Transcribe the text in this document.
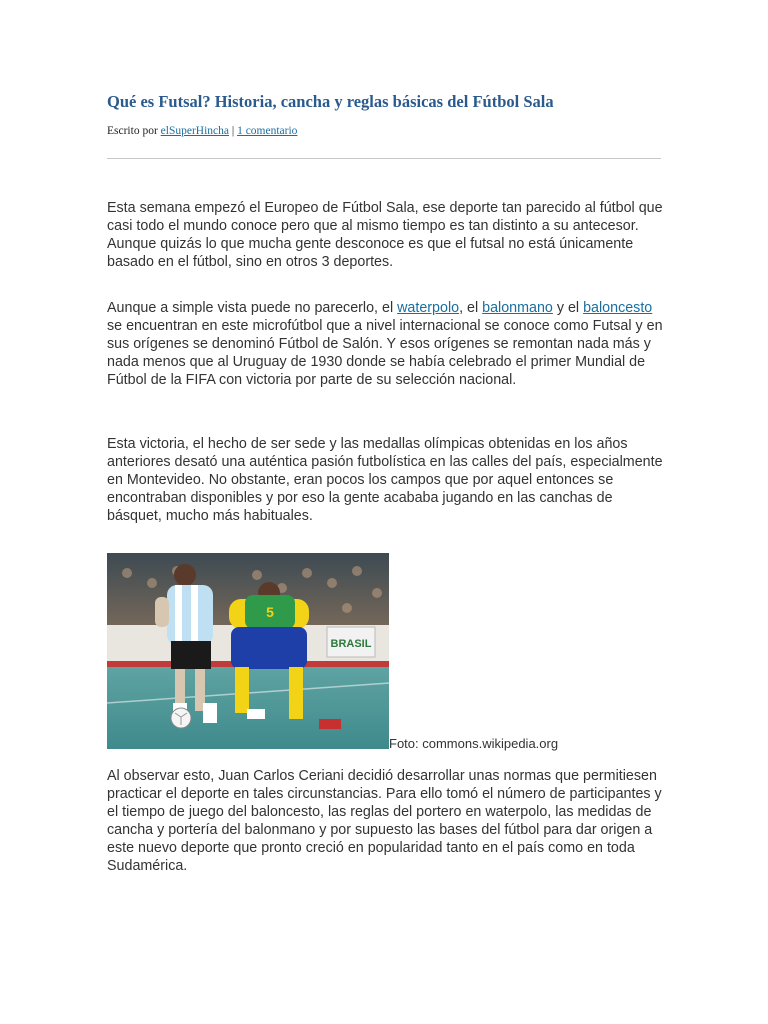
Qué es Futsal? Historia, cancha y reglas básicas del Fútbol Sala
Escrito por elSuperHincha | 1 comentario

Esta semana empezó el Europeo de Fútbol Sala, ese deporte tan parecido al fútbol que casi todo el mundo conoce pero que al mismo tiempo es tan distinto a su antecesor. Aunque quizás lo que mucha gente desconoce es que el futsal no está únicamente basado en el fútbol, sino en otros 3 deportes.

Aunque a simple vista puede no parecerlo, el waterpolo, el balonmano y el baloncesto se encuentran en este microfútbol que a nivel internacional se conoce como Futsal y en sus orígenes se denominó Fútbol de Salón. Y esos orígenes se remontan nada más y nada menos que al Uruguay de 1930 donde se había celebrado el primer Mundial de Fútbol de la FIFA con victoria por parte de su selección nacional.

Esta victoria, el hecho de ser sede y las medallas olímpicas obtenidas en los años anteriores desató una auténtica pasión futbolística en las calles del país, especialmente en Montevideo. No obstante, eran pocos los campos que por aquel entonces se encontraban disponibles y por eso la gente acababa jugando en las canchas de básquet, mucho más habituales.

BRASIL
5
Foto: commons.wikipedia.org

Al observar esto, Juan Carlos Ceriani decidió desarrollar unas normas que permitiesen practicar el deporte en tales circunstancias. Para ello tomó el número de participantes y el tiempo de juego del baloncesto, las reglas del portero en waterpolo, las medidas de cancha y portería del balonmano y por supuesto las bases del fútbol para dar origen a este nuevo deporte que pronto creció en popularidad tanto en el país como en toda Sudamérica.
